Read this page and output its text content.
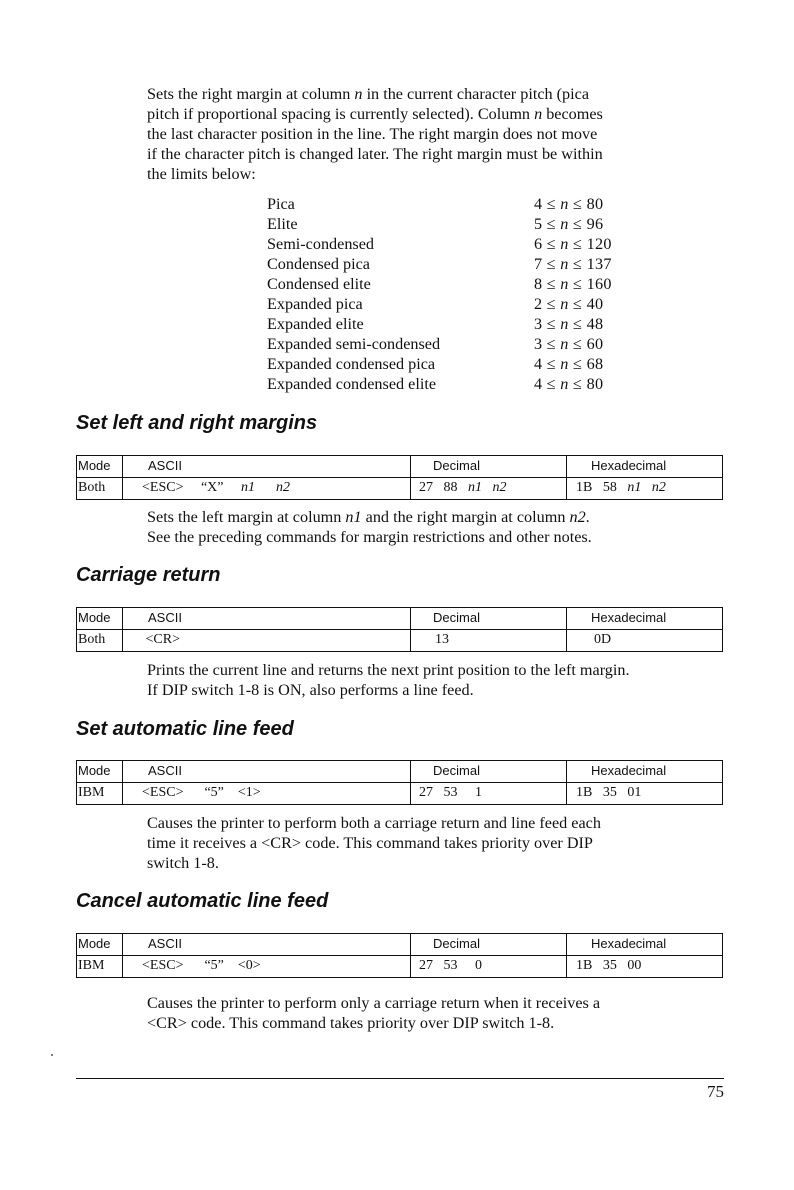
Sets the right margin at column n in the current character pitch (pica
pitch if proportional spacing is currently selected). Column n becomes
the last character position in the line. The right margin does not move
if the character pitch is changed later. The right margin must be within
the limits below:
Pica	4 ≤ n ≤ 80
Elite	5 ≤ n ≤ 96
Semi-condensed	6 ≤ n ≤ 120
Condensed pica	7 ≤ n ≤ 137
Condensed elite	8 ≤ n ≤ 160
Expanded pica	2 ≤ n ≤ 40
Expanded elite	3 ≤ n ≤ 48
Expanded semi-condensed	3 ≤ n ≤ 60
Expanded condensed pica	4 ≤ n ≤ 68
Expanded condensed elite	4 ≤ n ≤ 80
Set left and right margins
Mode	ASCII	Decimal	Hexadecimal
Both	<ESC>     “X”     n1 n2	27   88   n1 n2	1B   58   n1 n2
Sets the left margin at column n1 and the right margin at column n2.
See the preceding commands for margin restrictions and other notes.
Carriage return
Mode	ASCII	Decimal	Hexadecimal
Both	<CR>	13	0D
Prints the current line and returns the next print position to the left margin.
If DIP switch 1-8 is ON, also performs a line feed.
Set automatic line feed
Mode	ASCII	Decimal	Hexadecimal
IBM	<ESC>      “5”    <1>	27   53     1	1B   35   01
Causes the printer to perform both a carriage return and line feed each
time it receives a <CR> code. This command takes priority over DIP
switch 1-8.
Cancel automatic line feed
Mode	ASCII	Decimal	Hexadecimal
IBM	<ESC>      “5”    <0>	27   53     0	1B   35   00
Causes the printer to perform only a carriage return when it receives a
<CR> code. This command takes priority over DIP switch 1-8.
75
